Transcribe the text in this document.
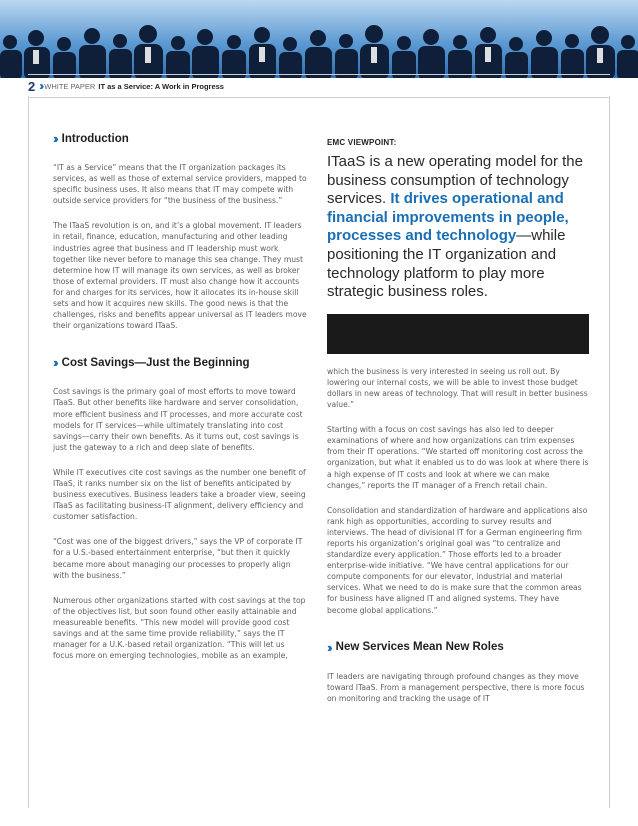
2 ›› WHITE PAPER IT as a Service: A Work in Progress
›› Introduction

“IT as a Service” means that the IT organization packages its services, as well as those of external service providers, mapped to specific business uses. It also means that IT may compete with outside service providers for “the business of the business.”

The ITaaS revolution is on, and it’s a global movement. IT leaders in retail, finance, education, manufacturing and other leading industries agree that business and IT leadership must work together like never before to manage this sea change. They must determine how IT will manage its own services, as well as broker those of external providers. IT must also change how it accounts for and charges for its services, how it allocates its in-house skill sets and how it acquires new skills. The good news is that the challenges, risks and benefits appear universal as IT leaders move their organizations toward ITaaS.

›› Cost Savings—Just the Beginning

Cost savings is the primary goal of most efforts to move toward ITaaS. But other benefits like hardware and server consolidation, more efficient business and IT processes, and more accurate cost models for IT services—while ultimately translating into cost savings—carry their own benefits. As it turns out, cost savings is just the gateway to a rich and deep slate of benefits.

While IT executives cite cost savings as the number one benefit of ITaaS, it ranks number six on the list of benefits anticipated by business executives. Business leaders take a broader view, seeing ITaaS as facilitating business-IT alignment, delivery efficiency and customer satisfaction.

“Cost was one of the biggest drivers,” says the VP of corporate IT for a U.S.-based entertainment enterprise, “but then it quickly became more about managing our processes to properly align with the business.”

Numerous other organizations started with cost savings at the top of the objectives list, but soon found other easily attainable and measureable benefits. “This new model will provide good cost savings and at the same time provide reliability,” says the IT manager for a U.K.-based retail organization. “This will let us focus more on emerging technologies, mobile as an example,

EMC VIEWPOINT:
ITaaS is a new operating model for the business consumption of technology services. It drives operational and financial improvements in people, processes and technology—while positioning the IT organization and technology platform to play more strategic business roles.

which the business is very interested in seeing us roll out. By lowering our internal costs, we will be able to invest those budget dollars in new areas of technology. That will result in better business value.”

Starting with a focus on cost savings has also led to deeper examinations of where and how organizations can trim expenses from their IT operations. “We started off monitoring cost across the organization, but what it enabled us to do was look at where there is a high expense of IT costs and look at where we can make changes,” reports the IT manager of a French retail chain.

Consolidation and standardization of hardware and applications also rank high as opportunities, according to survey results and interviews. The head of divisional IT for a German engineering firm reports his organization’s original goal was “to centralize and standardize every application.” Those efforts led to a broader enterprise-wide initiative. “We have central applications for our compute components for our elevator, industrial and material services. What we need to do is make sure that the common areas for business have aligned IT and aligned systems. They have become global applications.”

›› New Services Mean New Roles

IT leaders are navigating through profound changes as they move toward ITaaS. From a management perspective, there is more focus on monitoring and tracking the usage of IT
